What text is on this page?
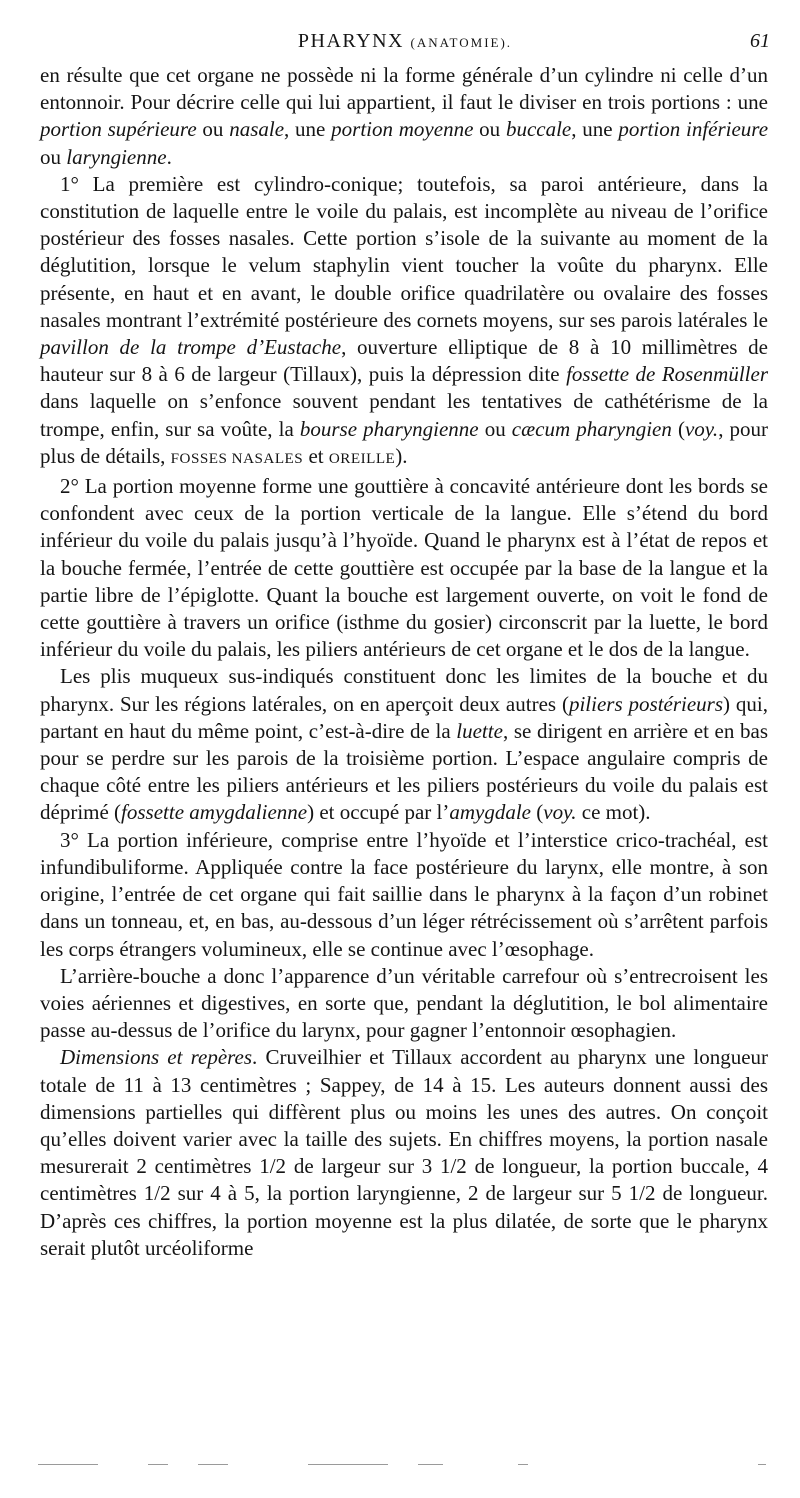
PHARYNX (ANATOMIE).	61

en résulte que cet organe ne possède ni la forme générale d’un cylindre ni celle d’un entonnoir. Pour décrire celle qui lui appartient, il faut le diviser en trois portions : une portion supérieure ou nasale, une portion moyenne ou buccale, une portion inférieure ou laryngienne.

1° La première est cylindro-conique; toutefois, sa paroi antérieure, dans la constitution de laquelle entre le voile du palais, est incomplète au niveau de l’orifice postérieur des fosses nasales. Cette portion s’isole de la suivante au moment de la déglutition, lorsque le velum staphylin vient toucher la voûte du pharynx. Elle présente, en haut et en avant, le double orifice quadrilatère ou ovalaire des fosses nasales montrant l’extrémité postérieure des cornets moyens, sur ses parois latérales le pavillon de la trompe d’Eustache, ouverture elliptique de 8 à 10 millimètres de hauteur sur 8 à 6 de largeur (Tillaux), puis la dépression dite fossette de Rosenmüller dans laquelle on s’enfonce souvent pendant les tentatives de cathétérisme de la trompe, enfin, sur sa voûte, la bourse pharyngienne ou cæcum pharyngien (voy., pour plus de détails, FOSSES NASALES et OREILLE).

2° La portion moyenne forme une gouttière à concavité antérieure dont les bords se confondent avec ceux de la portion verticale de la langue. Elle s’étend du bord inférieur du voile du palais jusqu’à l’hyoïde. Quand le pharynx est à l’état de repos et la bouche fermée, l’entrée de cette gouttière est occupée par la base de la langue et la partie libre de l’épiglotte. Quant la bouche est largement ouverte, on voit le fond de cette gouttière à travers un orifice (isthme du gosier) circonscrit par la luette, le bord inférieur du voile du palais, les piliers antérieurs de cet organe et le dos de la langue.

Les plis muqueux sus-indiqués constituent donc les limites de la bouche et du pharynx. Sur les régions latérales, on en aperçoit deux autres (piliers postérieurs) qui, partant en haut du même point, c’est-à-dire de la luette, se dirigent en arrière et en bas pour se perdre sur les parois de la troisième portion. L’espace angulaire compris de chaque côté entre les piliers antérieurs et les piliers postérieurs du voile du palais est déprimé (fossette amygdalienne) et occupé par l’amygdale (voy. ce mot).

3° La portion inférieure, comprise entre l’hyoïde et l’interstice crico-trachéal, est infundibuliforme. Appliquée contre la face postérieure du larynx, elle montre, à son origine, l’entrée de cet organe qui fait saillie dans le pharynx à la façon d’un robinet dans un tonneau, et, en bas, au-dessous d’un léger rétrécissement où s’arrêtent parfois les corps étrangers volumineux, elle se continue avec l’œsophage.

L’arrière-bouche a donc l’apparence d’un véritable carrefour où s’entrecroisent les voies aériennes et digestives, en sorte que, pendant la déglutition, le bol alimentaire passe au-dessus de l’orifice du larynx, pour gagner l’entonnoir œsophagien.

Dimensions et repères. Cruveilhier et Tillaux accordent au pharynx une longueur totale de 11 à 13 centimètres ; Sappey, de 14 à 15. Les auteurs donnent aussi des dimensions partielles qui diffèrent plus ou moins les unes des autres. On conçoit qu’elles doivent varier avec la taille des sujets. En chiffres moyens, la portion nasale mesurerait 2 centimètres 1/2 de largeur sur 3 1/2 de longueur, la portion buccale, 4 centimètres 1/2 sur 4 à 5, la portion laryngienne, 2 de largeur sur 5 1/2 de longueur. D’après ces chiffres, la portion moyenne est la plus dilatée, de sorte que le pharynx serait plutôt urcéoliforme
